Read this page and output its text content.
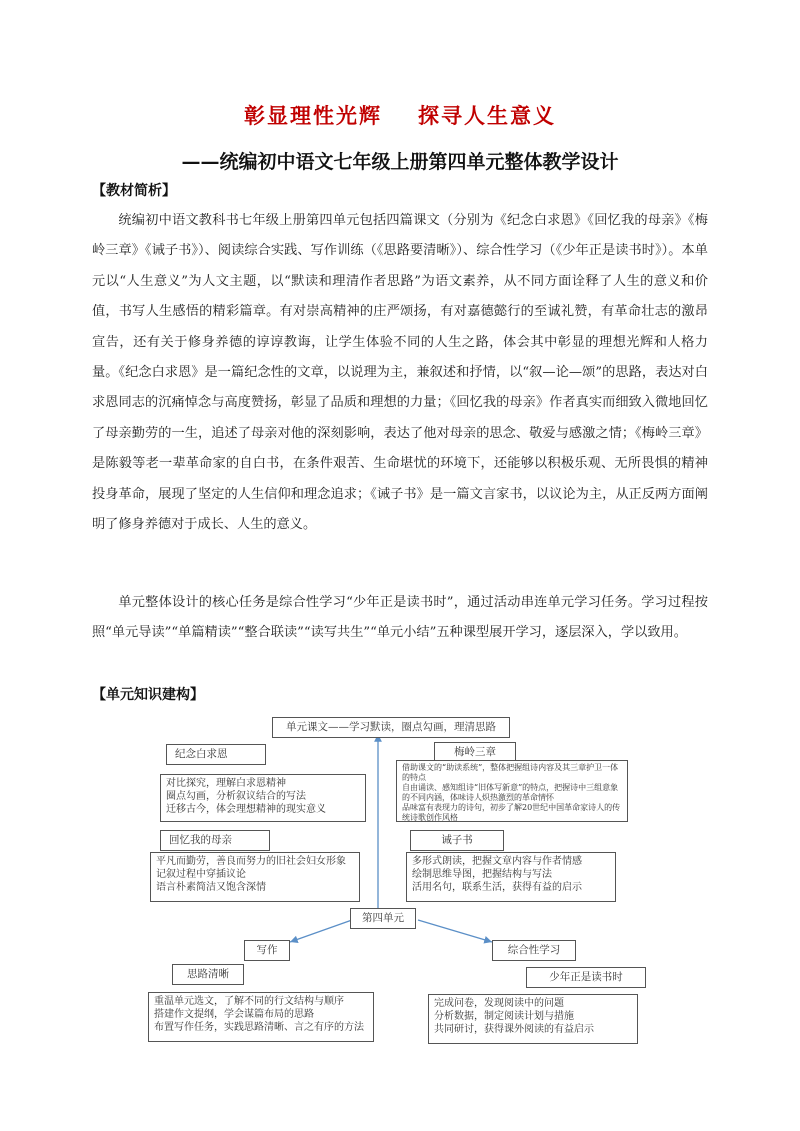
彰显理性光辉 探寻人生意义
——统编初中语文七年级上册第四单元整体教学设计
【教材简析】

统编初中语文教科书七年级上册第四单元包括四篇课文（分别为《纪念白求恩》《回忆我的母亲》《梅岭三章》《诫子书》）、阅读综合实践、写作训练（《思路要清晰》）、综合性学习（《少年正是读书时》）。本单元以“人生意义”为人文主题，以“默读和理清作者思路”为语文素养，从不同方面诠释了人生的意义和价值，书写人生感悟的精彩篇章。有对崇高精神的庄严颂扬，有对嘉德懿行的至诚礼赞，有革命壮志的激昂宣告，还有关于修身养德的谆谆教诲，让学生体验不同的人生之路，体会其中彰显的理想光辉和人格力量。《纪念白求恩》是一篇纪念性的文章，以说理为主，兼叙述和抒情，以“叙—论—颂”的思路，表达对白求恩同志的沉痛悼念与高度赞扬，彰显了品质和理想的力量；《回忆我的母亲》作者真实而细致入微地回忆了母亲勤劳的一生，追述了母亲对他的深刻影响，表达了他对母亲的思念、敬爱与感激之情；《梅岭三章》是陈毅等老一辈革命家的自白书，在条件艰苦、生命堪忧的环境下，还能够以积极乐观、无所畏惧的精神投身革命，展现了坚定的人生信仰和理念追求；《诫子书》是一篇文言家书，以议论为主，从正反两方面阐明了修身养德对于成长、人生的意义。

单元整体设计的核心任务是综合性学习“少年正是读书时”，通过活动串连单元学习任务。学习过程按照“单元导读”“单篇精读”“整合联读”“读写共生”“单元小结”五种课型展开学习，逐层深入，学以致用。

【单元知识建构】
单元课文——学习默读，圈点勾画，理清思路
纪念白求恩
对比探究，理解白求恩精神
圈点勾画，分析叙议结合的写法
迁移古今，体会理想精神的现实意义
梅岭三章
借助课文的“助读系统”，整体把握组诗内容及其三章护卫一体的特点
自由诵读、感知组诗“旧体写新意”的特点，把握诗中三组意象的不同内涵，体味诗人炽热激烈的革命情怀
品味富有表现力的诗句，初步了解20世纪中国革命家诗人的传统诗歌创作风格
回忆我的母亲
平凡而勤劳，善良而努力的旧社会妇女形象
记叙过程中穿插议论
语言朴素简洁又饱含深情
诫子书
多形式朗读，把握文章内容与作者情感
绘制思维导图，把握结构与写法
活用名句，联系生活，获得有益的启示
第四单元
写作
思路清晰
重温单元选文，了解不同的行文结构与顺序
搭建作文提纲，学会谋篇布局的思路
布置写作任务，实践思路清晰、言之有序的方法
综合性学习
少年正是读书时
完成问卷，发现阅读中的问题
分析数据，制定阅读计划与措施
共同研讨，获得课外阅读的有益启示
